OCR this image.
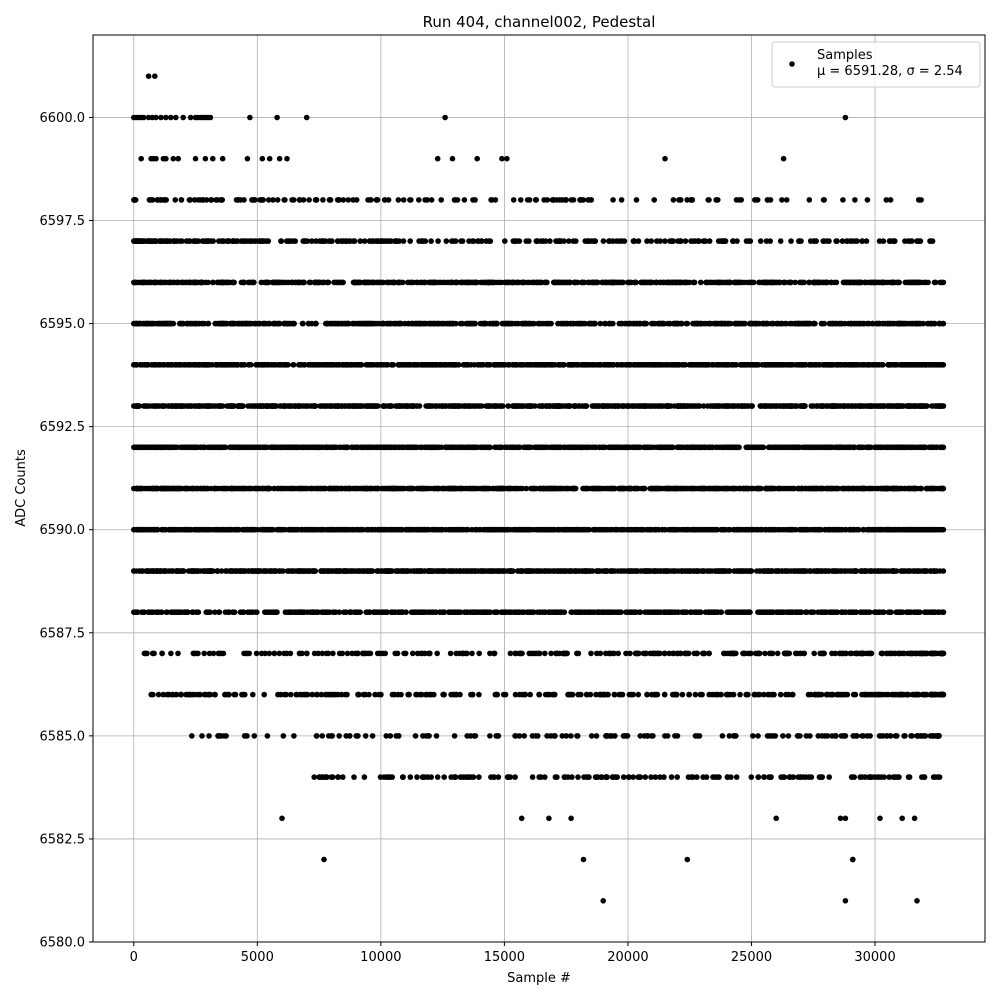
0	5000	10000	15000	20000	25000	30000
6580.0
6582.5
6585.0
6587.5
6590.0
6592.5
6595.0
6597.5
6600.0
Run 404, channel002, Pedestal
Sample #
ADC Counts
Samples
μ = 6591.28, σ = 2.54
